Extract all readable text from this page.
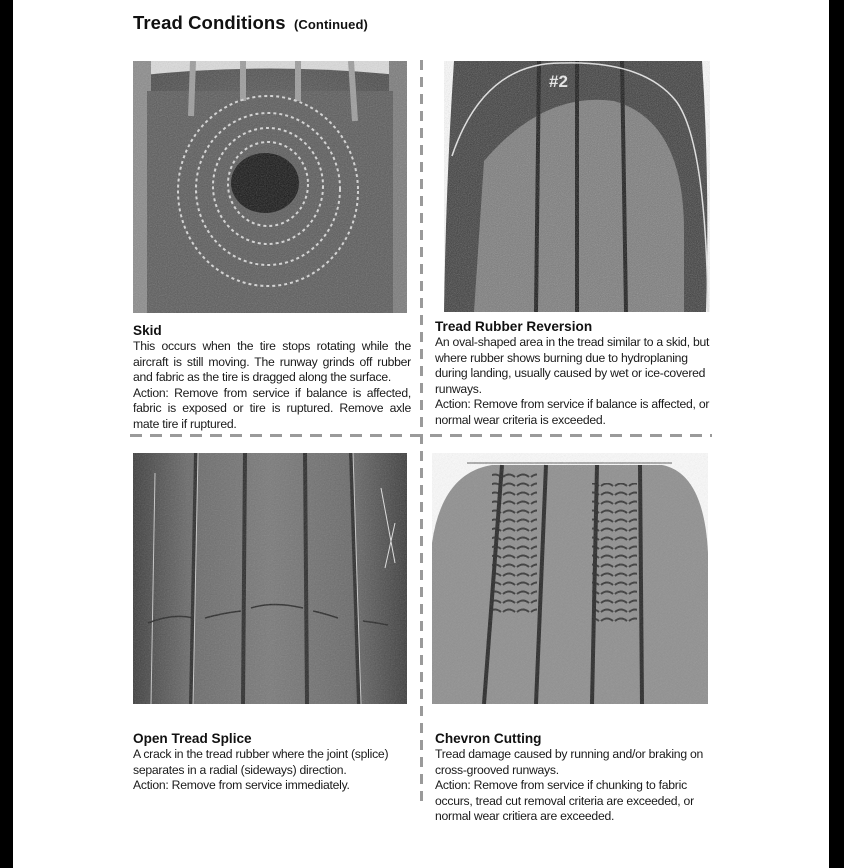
Tread Conditions (Continued)
Skid
This occurs when the tire stops rotating while the aircraft is still moving. The runway grinds off rubber and fabric as the tire is dragged along the surface.
Action: Remove from service if balance is affected, fabric is exposed or tire is ruptured. Remove axle mate tire if ruptured.
Tread Rubber Reversion
An oval-shaped area in the tread similar to a skid, but where rubber shows burning due to hydroplaning during landing, usually caused by wet or ice-covered runways.
Action: Remove from service if balance is affected, or normal wear criteria is exceeded.
Open Tread Splice
A crack in the tread rubber where the joint (splice) separates in a radial (sideways) direction.
Action: Remove from service immediately.
Chevron Cutting
Tread damage caused by running and/or braking on cross-grooved runways.
Action: Remove from service if chunking to fabric occurs, tread cut removal criteria are exceeded, or normal wear critiera are exceeded.
